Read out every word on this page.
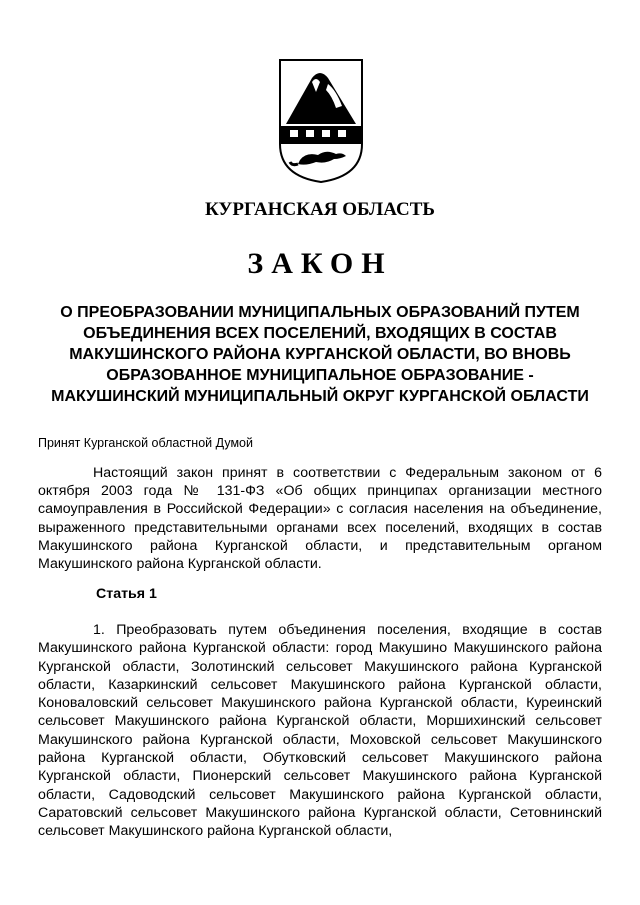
КУРГАНСКАЯ ОБЛАСТЬ
ЗАКОН
О ПРЕОБРАЗОВАНИИ МУНИЦИПАЛЬНЫХ ОБРАЗОВАНИЙ ПУТЕМ ОБЪЕДИНЕНИЯ ВСЕХ ПОСЕЛЕНИЙ, ВХОДЯЩИХ В СОСТАВ МАКУШИНСКОГО РАЙОНА КУРГАНСКОЙ ОБЛАСТИ, ВО ВНОВЬ ОБРАЗОВАННОЕ МУНИЦИПАЛЬНОЕ ОБРАЗОВАНИЕ - МАКУШИНСКИЙ МУНИЦИПАЛЬНЫЙ ОКРУГ КУРГАНСКОЙ ОБЛАСТИ
Принят Курганской областной Думой
Настоящий закон принят в соответствии с Федеральным законом от 6 октября 2003 года № 131-ФЗ «Об общих принципах организации местного самоуправления в Российской Федерации» с согласия населения на объединение, выраженного представительными органами всех поселений, входящих в состав Макушинского района Курганской области, и представительным органом Макушинского района Курганской области.
Статья 1
1. Преобразовать путем объединения поселения, входящие в состав Макушинского района Курганской области: город Макушино Макушинского района Курганской области, Золотинский сельсовет Макушинского района Курганской области, Казаркинский сельсовет Макушинского района Курганской области, Коноваловский сельсовет Макушинского района Курганской области, Куреинский сельсовет Макушинского района Курганской области, Моршихинский сельсовет Макушинского района Курганской области, Моховской сельсовет Макушинского района Курганской области, Обутковский сельсовет Макушинского района Курганской области, Пионерский сельсовет Макушинского района Курганской области, Садоводский сельсовет Макушинского района Курганской области, Саратовский сельсовет Макушинского района Курганской области, Сетовнинский сельсовет Макушинского района Курганской области,
